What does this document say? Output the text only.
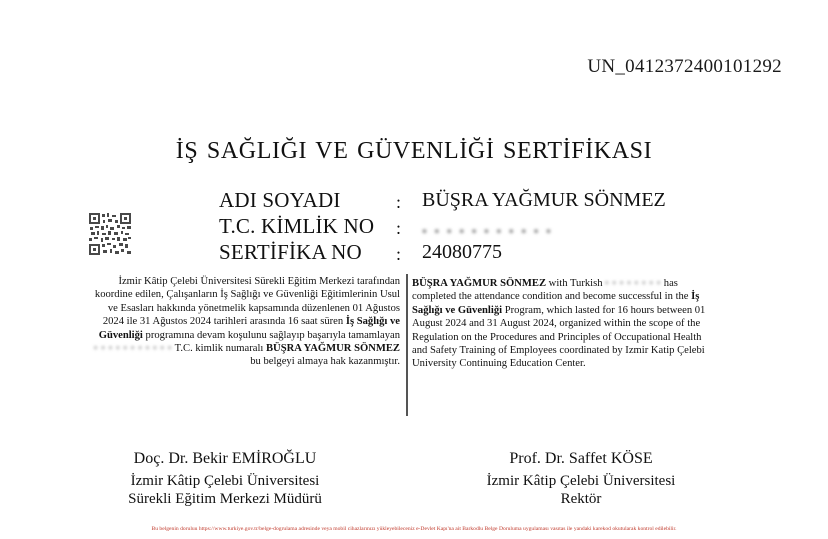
UN_0412372400101292
İŞ SAĞLIĞI VE GÜVENLİĞİ SERTİFİKASI
ADI SOYADI	: BÜŞRA YAĞMUR SÖNMEZ
T.C. KİMLİK NO : • • • • • • • • • • •
SERTİFİKA NO : 24080775
İzmir Kâtip Çelebi Üniversitesi Sürekli Eğitim Merkezi tarafından koordine edilen, Çalışanların İş Sağlığı ve Güvenliği Eğitimlerinin Usul ve Esasları hakkında yönetmelik kapsamında düzenlenen 01 Ağustos 2024 ile 31 Ağustos 2024 tarihleri arasında 16 saat süren İş Sağlığı ve Güvenliği programına devam koşulunu sağlayıp başarıyla tamamlayan • • • • • • • • • • • T.C. kimlik numaralı BÜŞRA YAĞMUR SÖNMEZ bu belgeyi almaya hak kazanmıştır.
BÜŞRA YAĞMUR SÖNMEZ with Turkish • • • • • • • • has completed the attendance condition and become successful in the İş Sağlığı ve Güvenliği Program, which lasted for 16 hours between 01 August 2024 and 31 August 2024, organized within the scope of the Regulation on the Procedures and Principles of Occupational Health and Safety Training of Employees coordinated by Izmir Katip Çelebi University Continuing Education Center.
Doç. Dr. Bekir EMİROĞLU
İzmir Kâtip Çelebi Üniversitesi
Sürekli Eğitim Merkezi Müdürü
Prof. Dr. Saffet KÖSE
İzmir Kâtip Çelebi Üniversitesi
Rektör
Bu belgenin doruluu https://www.turkiye.gov.tr/belge-dogrulama adresinde veya mobil cihazlarınızı yükleyebileceniz e-Devlet Kapı'na ait Barkodlu Belge Doruluma uygulaması vasıtas ile yandaki karekod okutularak kontrol edilebilir.
